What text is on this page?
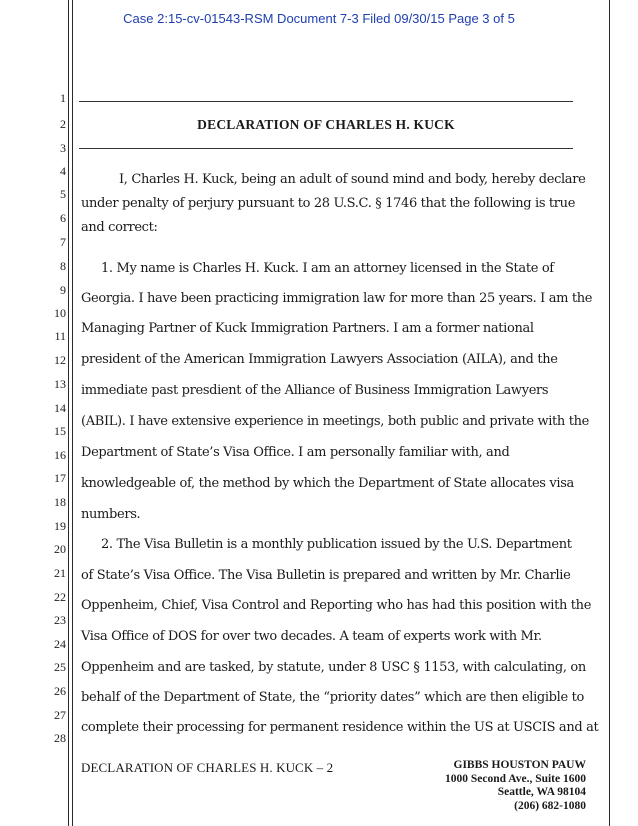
Case 2:15-cv-01543-RSM Document 7-3 Filed 09/30/15 Page 3 of 5
1
2
3
4
5
6
7
8
9
10
11
12
13
14
15
16
17
18
19
20
21
22
23
24
25
26
27
28
DECLARATION OF CHARLES H. KUCK
I, Charles H. Kuck, being an adult of sound mind and body, hereby declare
under penalty of perjury pursuant to 28 U.S.C. § 1746 that the following is true
and correct:
1. My name is Charles H. Kuck. I am an attorney licensed in the State of
Georgia. I have been practicing immigration law for more than 25 years. I am the
Managing Partner of Kuck Immigration Partners. I am a former national
president of the American Immigration Lawyers Association (AILA), and the
immediate past presdient of the Alliance of Business Immigration Lawyers
(ABIL). I have extensive experience in meetings, both public and private with the
Department of State’s Visa Office. I am personally familiar with, and
knowledgeable of, the method by which the Department of State allocates visa
numbers.
2. The Visa Bulletin is a monthly publication issued by the U.S. Department
of State’s Visa Office. The Visa Bulletin is prepared and written by Mr. Charlie
Oppenheim, Chief, Visa Control and Reporting who has had this position with the
Visa Office of DOS for over two decades. A team of experts work with Mr.
Oppenheim and are tasked, by statute, under 8 USC § 1153, with calculating, on
behalf of the Department of State, the “priority dates” which are then eligible to
complete their processing for permanent residence within the US at USCIS and at
DECLARATION OF CHARLES H. KUCK – 2	GIBBS HOUSTON PAUW
1000 Second Ave., Suite 1600
Seattle, WA 98104
(206) 682-1080
